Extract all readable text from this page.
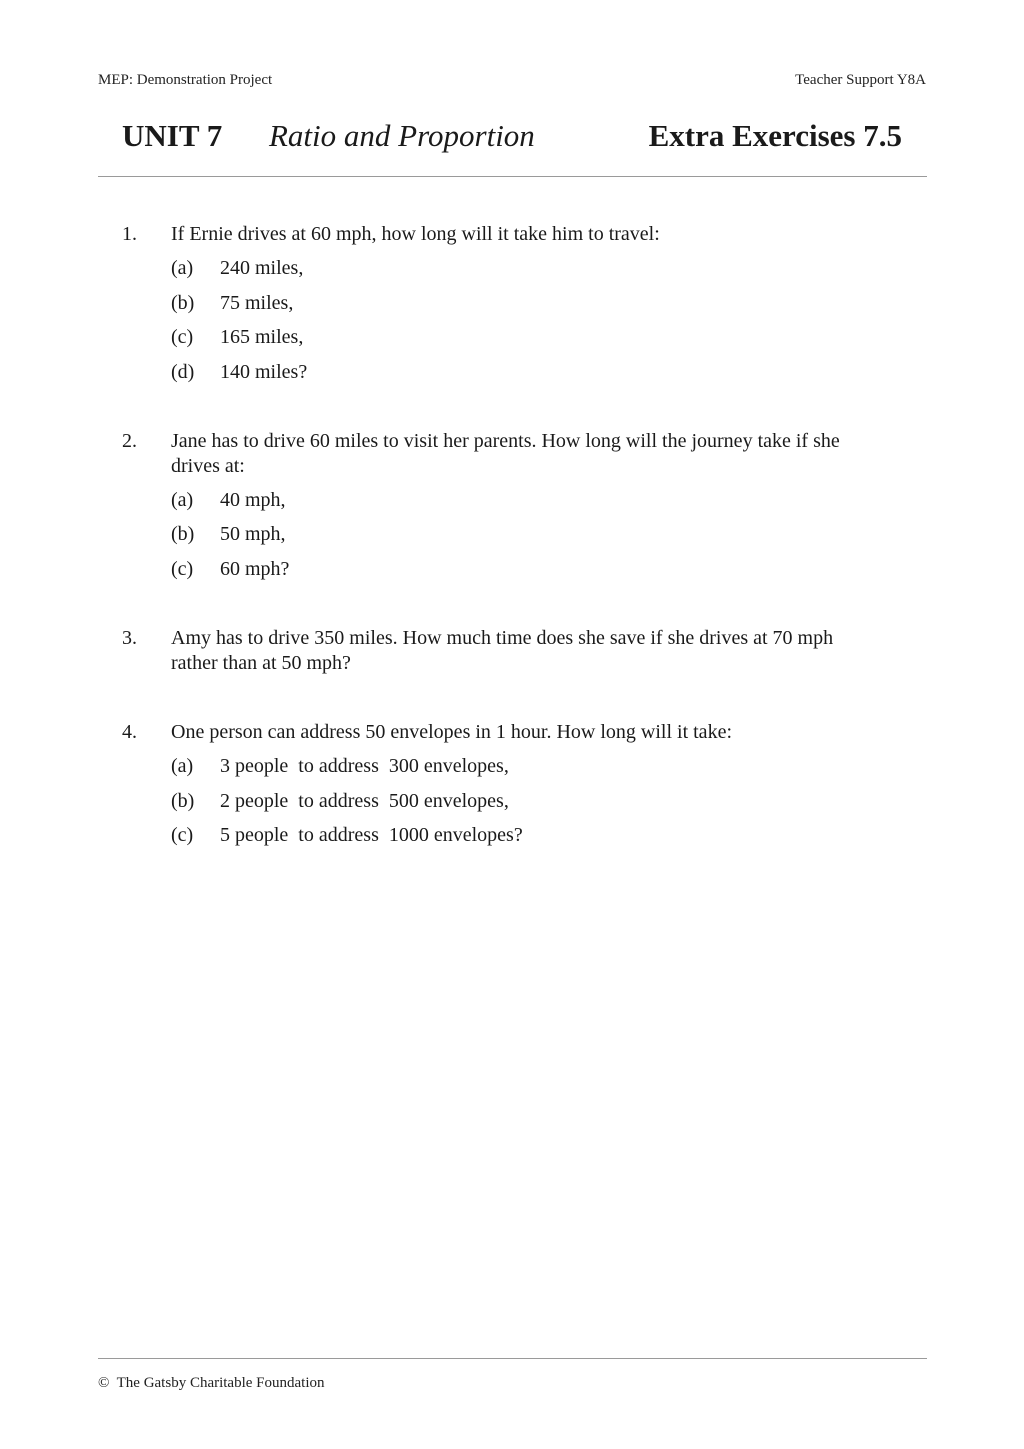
MEP: Demonstration Project	Teacher Support Y8A
UNIT 7 Ratio and Proportion	Extra Exercises 7.5
1. If Ernie drives at 60 mph, how long will it take him to travel:
(a) 240 miles,
(b) 75 miles,
(c) 165 miles,
(d) 140 miles?
2. Jane has to drive 60 miles to visit her parents. How long will the journey take if she drives at:
(a) 40 mph,
(b) 50 mph,
(c) 60 mph?
3. Amy has to drive 350 miles. How much time does she save if she drives at 70 mph rather than at 50 mph?
4. One person can address 50 envelopes in 1 hour. How long will it take:
(a) 3 people  to address  300 envelopes,
(b) 2 people  to address  500 envelopes,
(c) 5 people  to address  1000 envelopes?
©  The Gatsby Charitable Foundation
